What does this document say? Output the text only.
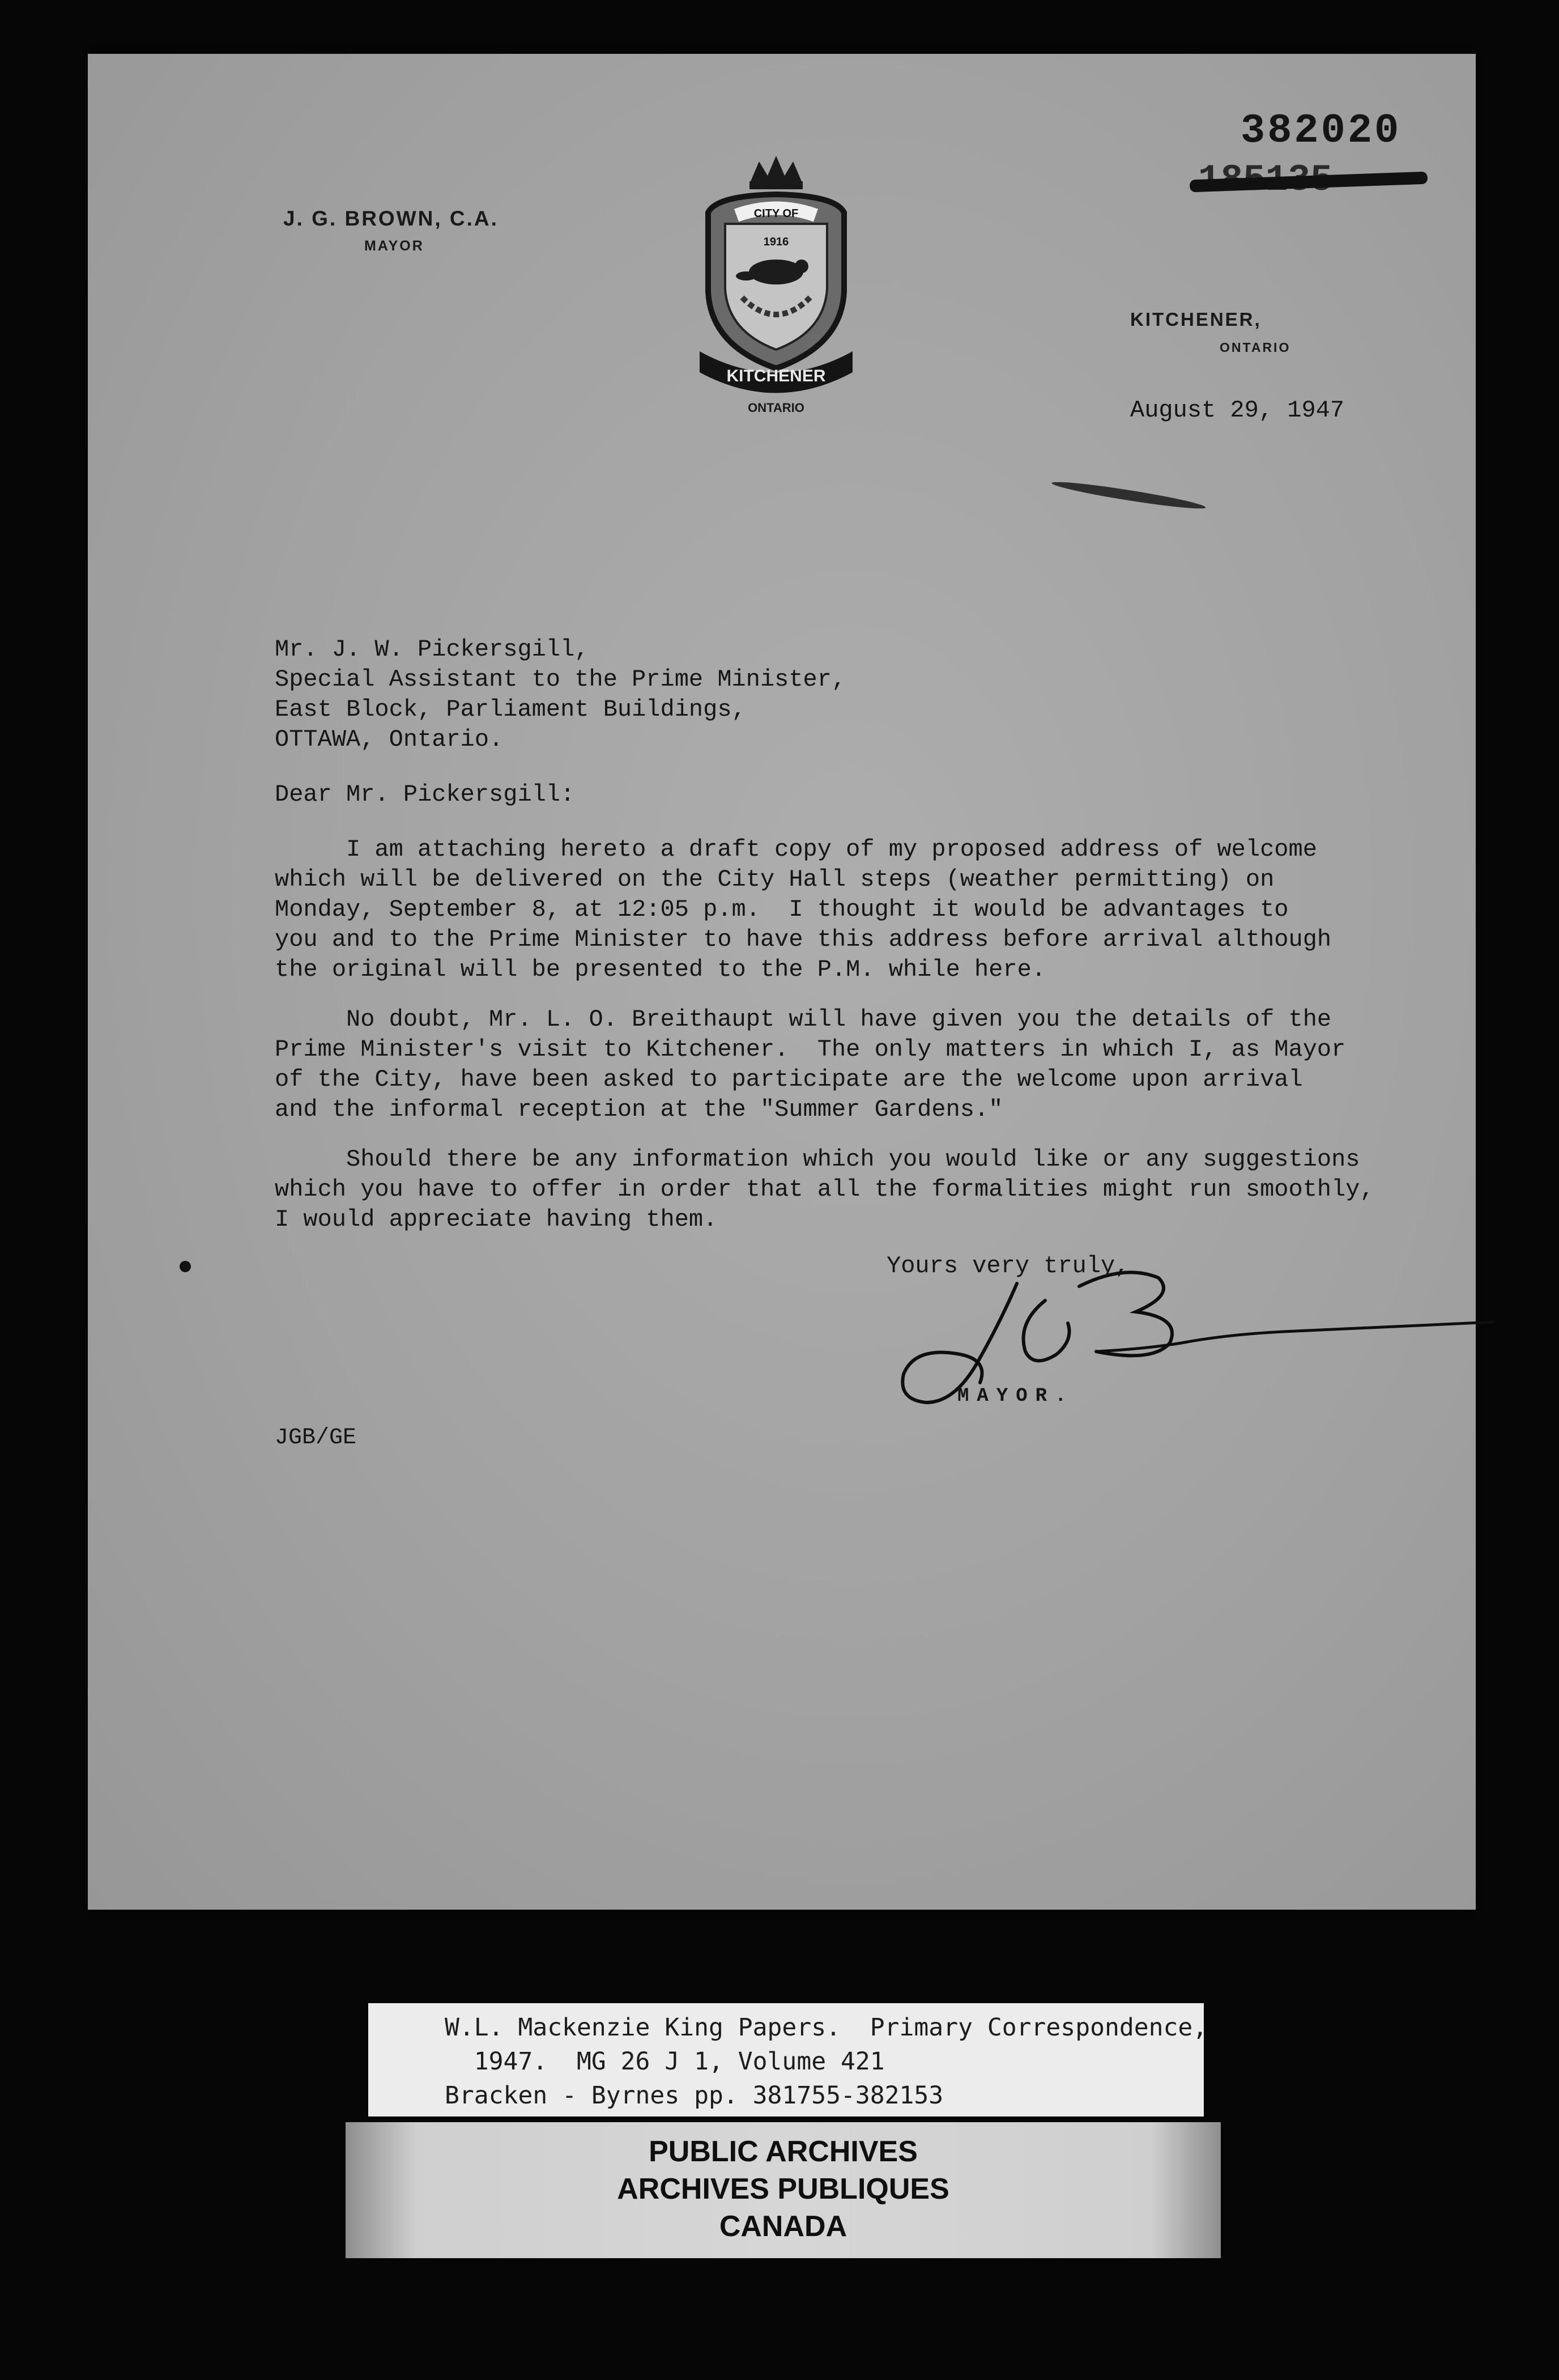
382020
J. G. BROWN, C.A.
MAYOR
CITY OF
1916
KITCHENER
ONTARIO
KITCHENER,
ONTARIO
August 29, 1947
Mr. J. W. Pickersgill,
Special Assistant to the Prime Minister,
East Block, Parliament Buildings,
OTTAWA, Ontario.
Dear Mr. Pickersgill:
I am attaching hereto a draft copy of my proposed address of welcome
which will be delivered on the City Hall steps (weather permitting) on
Monday, September 8, at 12:05 p.m.  I thought it would be advantages to
you and to the Prime Minister to have this address before arrival although
the original will be presented to the P.M. while here.
No doubt, Mr. L. O. Breithaupt will have given you the details of the
Prime Minister's visit to Kitchener.  The only matters in which I, as Mayor
of the City, have been asked to participate are the welcome upon arrival
and the informal reception at the "Summer Gardens."
Should there be any information which you would like or any suggestions
which you have to offer in order that all the formalities might run smoothly,
I would appreciate having them.
Yours very truly,
MAYOR.
JGB/GE
W.L. Mackenzie King Papers.  Primary Correspondence,
1947.  MG 26 J 1, Volume 421
Bracken - Byrnes pp. 381755-382153
PUBLIC ARCHIVES
ARCHIVES PUBLIQUES
CANADA
